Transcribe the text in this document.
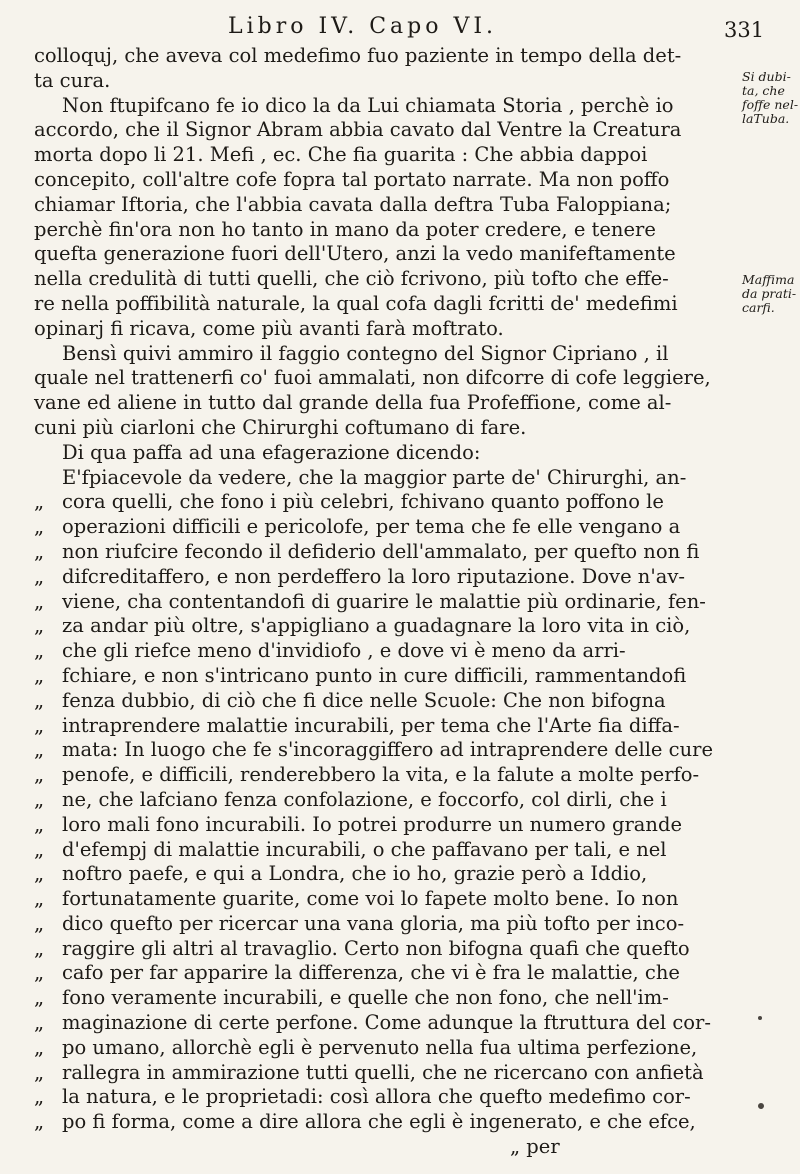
Libro IV. Capo VI.	331
colloquj, che aveva col medefimo fuo paziente in tempo della det-
ta cura.
Non ftupifcano fe io dico la da Lui chiamata Storia , perchè io
accordo, che il Signor Abram abbia cavato dal Ventre la Creatura
morta dopo li 21. Mefi , ec. Che fia guarita : Che abbia dappoi
concepito, coll'altre cofe fopra tal portato narrate. Ma non poffo
chiamar Iftoria, che l'abbia cavata dalla deftra Tuba Faloppiana;
perchè fin'ora non ho tanto in mano da poter credere, e tenere
quefta generazione fuori dell'Utero, anzi la vedo manifeftamente
nella credulità di tutti quelli, che ciò fcrivono, più tofto che effe-
re nella poffibilità naturale, la qual cofa dagli fcritti de' medefimi
opinarj fi ricava, come più avanti farà moftrato.
Bensì quivi ammiro il faggio contegno del Signor Cipriano , il
quale nel trattenerfi co' fuoi ammalati, non difcorre di cofe leggiere,
vane ed aliene in tutto dal grande della fua Profeffione, come al-
cuni più ciarloni che Chirurghi coftumano di fare.
Di qua paffa ad una efagerazione dicendo:
E'fpiacevole da vedere, che la maggior parte de' Chirurghi, an-
„ cora quelli, che fono i più celebri, fchivano quanto poffono le
„ operazioni difficili e pericolofe, per tema che fe elle vengano a
„ non riufcire fecondo il defiderio dell'ammalato, per quefto non fi
„ difcreditaffero, e non perdeffero la loro riputazione. Dove n'av-
„ viene, cha contentandofi di guarire le malattie più ordinarie, fen-
„ za andar più oltre, s'appigliano a guadagnare la loro vita in ciò,
„ che gli riefce meno d'invidiofo , e dove vi è meno da arri-
„ fchiare, e non s'intricano punto in cure difficili, rammentandofi
„ fenza dubbio, di ciò che fi dice nelle Scuole: Che non bifogna
„ intraprendere malattie incurabili, per tema che l'Arte fia diffa-
„ mata: In luogo che fe s'incoraggiffero ad intraprendere delle cure
„ penofe, e difficili, renderebbero la vita, e la falute a molte perfo-
„ ne, che lafciano fenza confolazione, e foccorfo, col dirli, che i
„ loro mali fono incurabili. Io potrei produrre un numero grande
„ d'efempj di malattie incurabili, o che paffavano per tali, e nel
„ noftro paefe, e qui a Londra, che io ho, grazie però a Iddio,
„ fortunatamente guarite, come voi lo fapete molto bene. Io non
„ dico quefto per ricercar una vana gloria, ma più tofto per inco-
„ raggire gli altri al travaglio. Certo non bifogna quafi che quefto
„ cafo per far apparire la differenza, che vi è fra le malattie, che
„ fono veramente incurabili, e quelle che non fono, che nell'im-
„ maginazione di certe perfone. Come adunque la ftruttura del cor-
„ po umano, allorchè egli è pervenuto nella fua ultima perfezione,
„ rallegra in ammirazione tutti quelli, che ne ricercano con anfietà
„ la natura, e le proprietadi: così allora che quefto medefimo cor-
„ po fi forma, come a dire allora che egli è ingenerato, e che efce,
„ per
Si dubi-
ta, che
foffe nel-
laTuba.
Maffima
da prati-
carfi.
